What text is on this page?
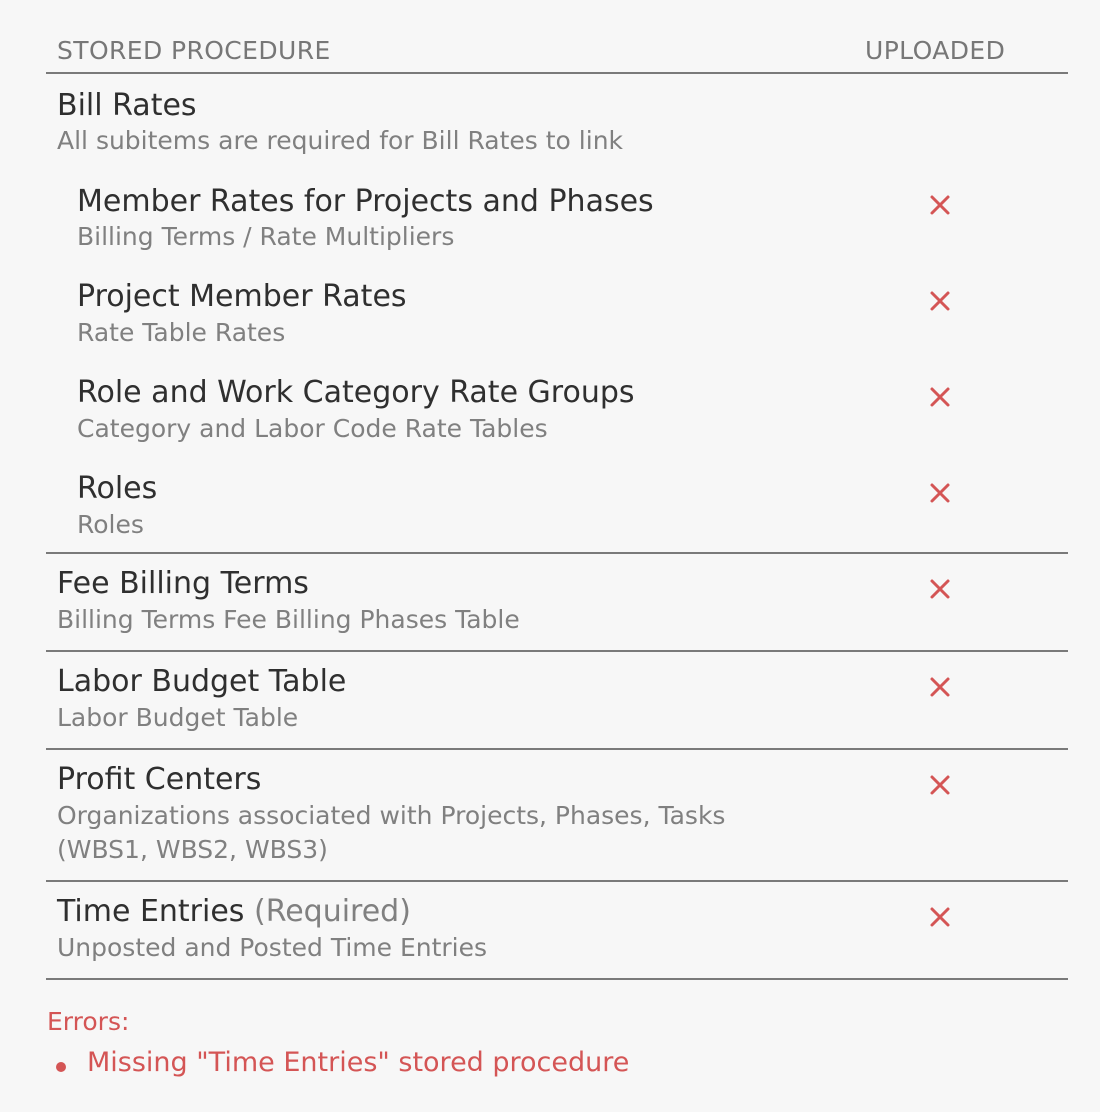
STORED PROCEDURE	UPLOADED
Bill Rates
All subitems are required for Bill Rates to link
Member Rates for Projects and Phases
Billing Terms / Rate Multipliers
Project Member Rates
Rate Table Rates
Role and Work Category Rate Groups
Category and Labor Code Rate Tables
Roles
Roles
Fee Billing Terms
Billing Terms Fee Billing Phases Table
Labor Budget Table
Labor Budget Table
Profit Centers
Organizations associated with Projects, Phases, Tasks
(WBS1, WBS2, WBS3)
Time Entries (Required)
Unposted and Posted Time Entries
Errors:
Missing "Time Entries" stored procedure
